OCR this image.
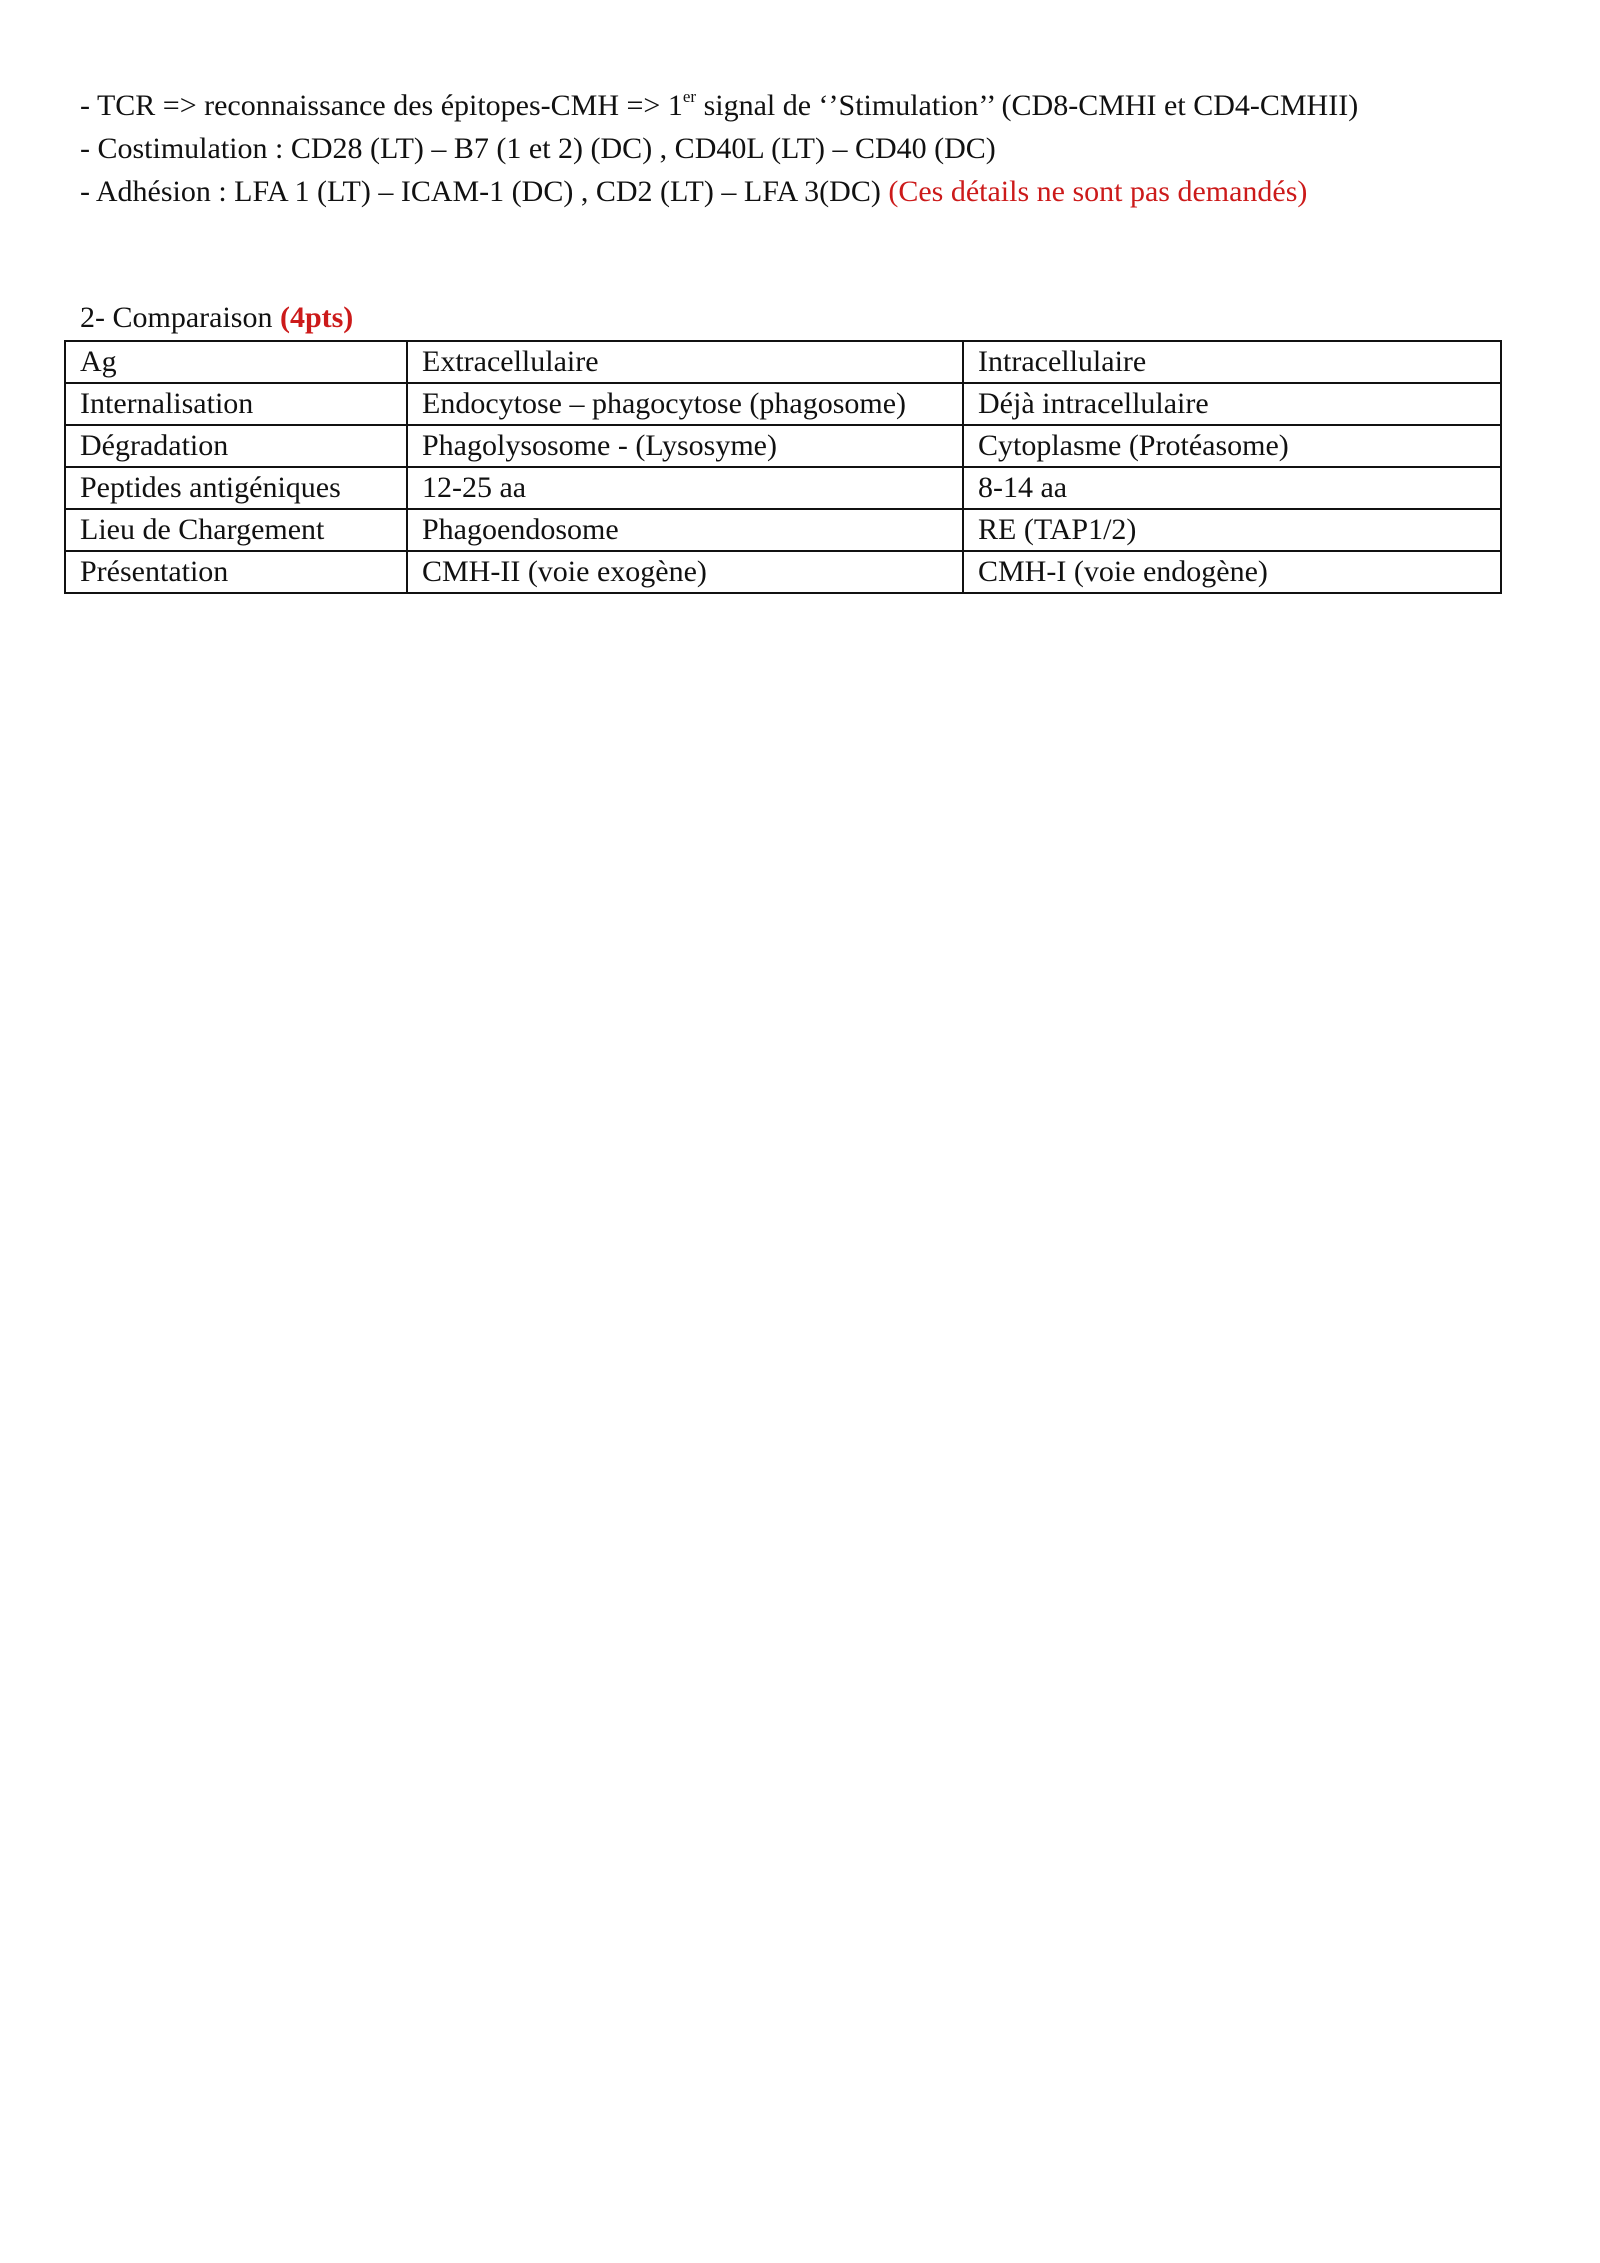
- TCR => reconnaissance des épitopes-CMH => 1er signal de ‘’Stimulation’’ (CD8-CMHI et CD4-CMHII)
- Costimulation : CD28 (LT) – B7 (1 et 2) (DC) , CD40L (LT) – CD40 (DC)
- Adhésion : LFA 1 (LT) – ICAM-1 (DC) , CD2 (LT) – LFA 3(DC) (Ces détails ne sont pas demandés)
2- Comparaison (4pts)
Ag	Extracellulaire	Intracellulaire
Internalisation	Endocytose – phagocytose (phagosome)	Déjà intracellulaire
Dégradation	Phagolysosome - (Lysosyme)	Cytoplasme (Protéasome)
Peptides antigéniques	12-25 aa	8-14 aa
Lieu de Chargement	Phagoendosome	RE (TAP1/2)
Présentation	CMH-II (voie exogène)	CMH-I (voie endogène)
